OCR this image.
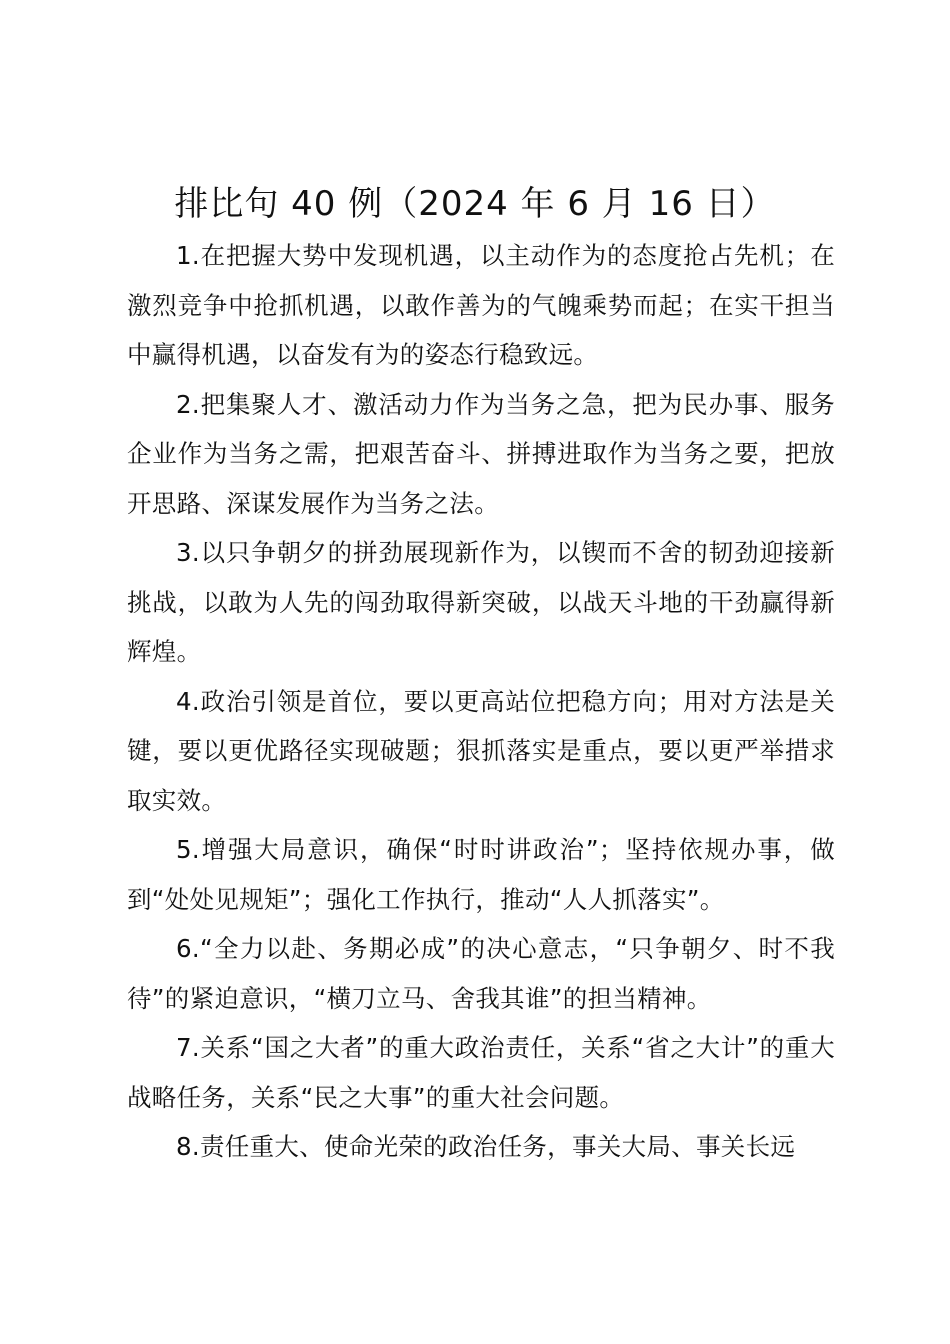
排比句 40 例（2024 年 6 月 16 日）

1.在把握大势中发现机遇，以主动作为的态度抢占先机；在激烈竞争中抢抓机遇，以敢作善为的气魄乘势而起；在实干担当中赢得机遇，以奋发有为的姿态行稳致远。

2.把集聚人才、激活动力作为当务之急，把为民办事、服务企业作为当务之需，把艰苦奋斗、拼搏进取作为当务之要，把放开思路、深谋发展作为当务之法。

3.以只争朝夕的拼劲展现新作为，以锲而不舍的韧劲迎接新挑战，以敢为人先的闯劲取得新突破，以战天斗地的干劲赢得新辉煌。

4.政治引领是首位，要以更高站位把稳方向；用对方法是关键，要以更优路径实现破题；狠抓落实是重点，要以更严举措求取实效。

5.增强大局意识，确保“时时讲政治”；坚持依规办事，做到“处处见规矩”；强化工作执行，推动“人人抓落实”。

6.“全力以赴、务期必成”的决心意志，“只争朝夕、时不我待”的紧迫意识，“横刀立马、舍我其谁”的担当精神。

7.关系“国之大者”的重大政治责任，关系“省之大计”的重大战略任务，关系“民之大事”的重大社会问题。

8.责任重大、使命光荣的政治任务，事关大局、事关长远
